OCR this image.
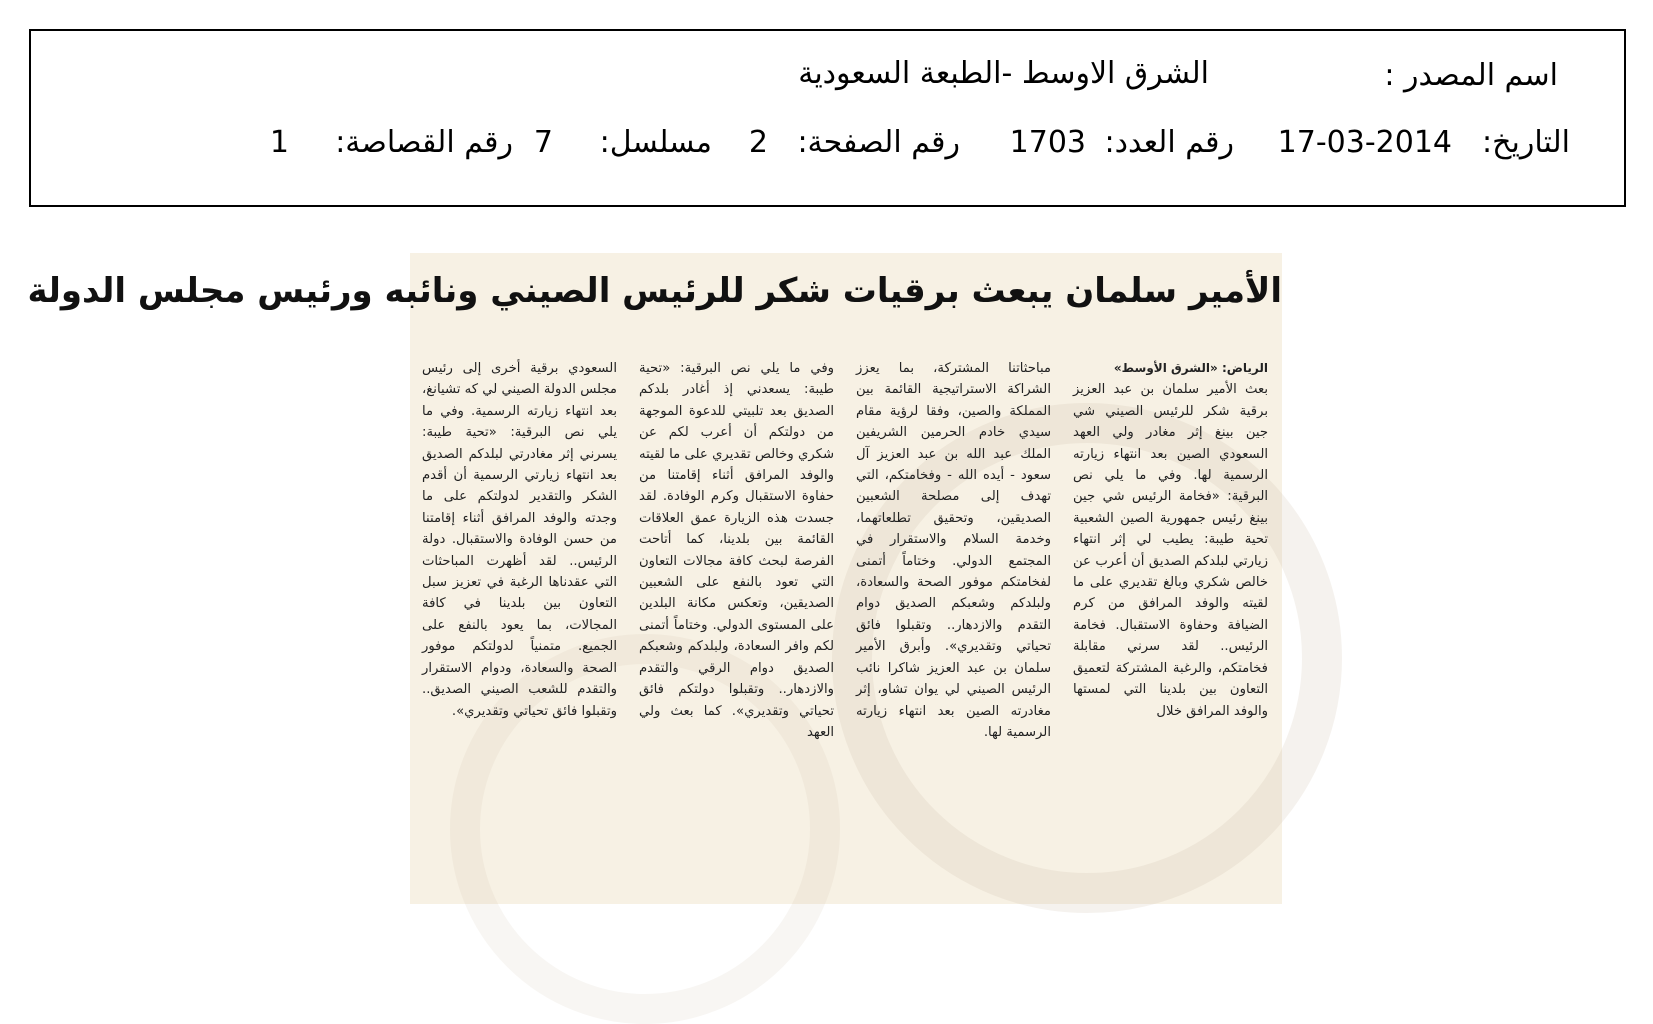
اسم المصدر :
الشرق الاوسط -الطبعة السعودية
التاريخ:
17-03-2014
رقم العدد:
1703
رقم الصفحة:
2
مسلسل:
7
رقم القصاصة:
1
الأمير سلمان يبعث برقيات شكر للرئيس الصيني ونائبه ورئيس مجلس الدولة

الرياض: «الشرق الأوسط»

بعث الأمير سلمان بن عبد العزيز برقية شكر للرئيس الصيني شي جين بينغ إثر مغادر ولي العهد السعودي الصين بعد انتهاء زيارته الرسمية لها. وفي ما يلي نص البرقية: «فخامة الرئيس شي جين بينغ رئيس جمهورية الصين الشعبية تحية طيبة: يطيب لي إثر انتهاء زيارتي لبلدكم الصديق أن أعرب عن خالص شكري وبالغ تقديري على ما لقيته والوفد المرافق من كرم الضيافة وحفاوة الاستقبال. فخامة الرئيس.. لقد سرني مقابلة فخامتكم، والرغبة المشتركة لتعميق التعاون بين بلدينا التي لمستها والوفد المرافق خلال

مباحثاتنا المشتركة، بما يعزز الشراكة الاستراتيجية القائمة بين المملكة والصين، وفقا لرؤية مقام سيدي خادم الحرمين الشريفين الملك عبد الله بن عبد العزيز آل سعود - أيده الله - وفخامتكم، التي تهدف إلى مصلحة الشعبين الصديقين، وتحقيق تطلعاتهما، وخدمة السلام والاستقرار في المجتمع الدولي. وختاماً أتمنى لفخامتكم موفور الصحة والسعادة، ولبلدكم وشعبكم الصديق دوام التقدم والازدهار.. وتقبلوا فائق تحياتي وتقديري». وأبرق الأمير سلمان بن عبد العزيز شاكرا نائب الرئيس الصيني لي يوان تشاو، إثر مغادرته الصين بعد انتهاء زيارته الرسمية لها.

وفي ما يلي نص البرقية: «تحية طيبة: يسعدني إذ أغادر بلدكم الصديق بعد تلبيتي للدعوة الموجهة من دولتكم أن أعرب لكم عن شكري وخالص تقديري على ما لقيته والوفد المرافق أثناء إقامتنا من حفاوة الاستقبال وكرم الوفادة. لقد جسدت هذه الزيارة عمق العلاقات القائمة بين بلدينا، كما أتاحت الفرصة لبحث كافة مجالات التعاون التي تعود بالنفع على الشعبين الصديقين، وتعكس مكانة البلدين على المستوى الدولي. وختاماً أتمنى لكم وافر السعادة، ولبلدكم وشعبكم الصديق دوام الرقي والتقدم والازدهار.. وتقبلوا دولتكم فائق تحياتي وتقديري». كما بعث ولي العهد

السعودي برقية أخرى إلى رئيس مجلس الدولة الصيني لي كه تشيانغ، بعد انتهاء زيارته الرسمية. وفي ما يلي نص البرقية: «تحية طيبة: يسرني إثر مغادرتي لبلدكم الصديق بعد انتهاء زيارتي الرسمية أن أقدم الشكر والتقدير لدولتكم على ما وجدته والوفد المرافق أثناء إقامتنا من حسن الوفادة والاستقبال. دولة الرئيس.. لقد أظهرت المباحثات التي عقدناها الرغبة في تعزيز سبل التعاون بين بلدينا في كافة المجالات، بما يعود بالنفع على الجميع. متمنياً لدولتكم موفور الصحة والسعادة، ودوام الاستقرار والتقدم للشعب الصيني الصديق.. وتقبلوا فائق تحياتي وتقديري».
